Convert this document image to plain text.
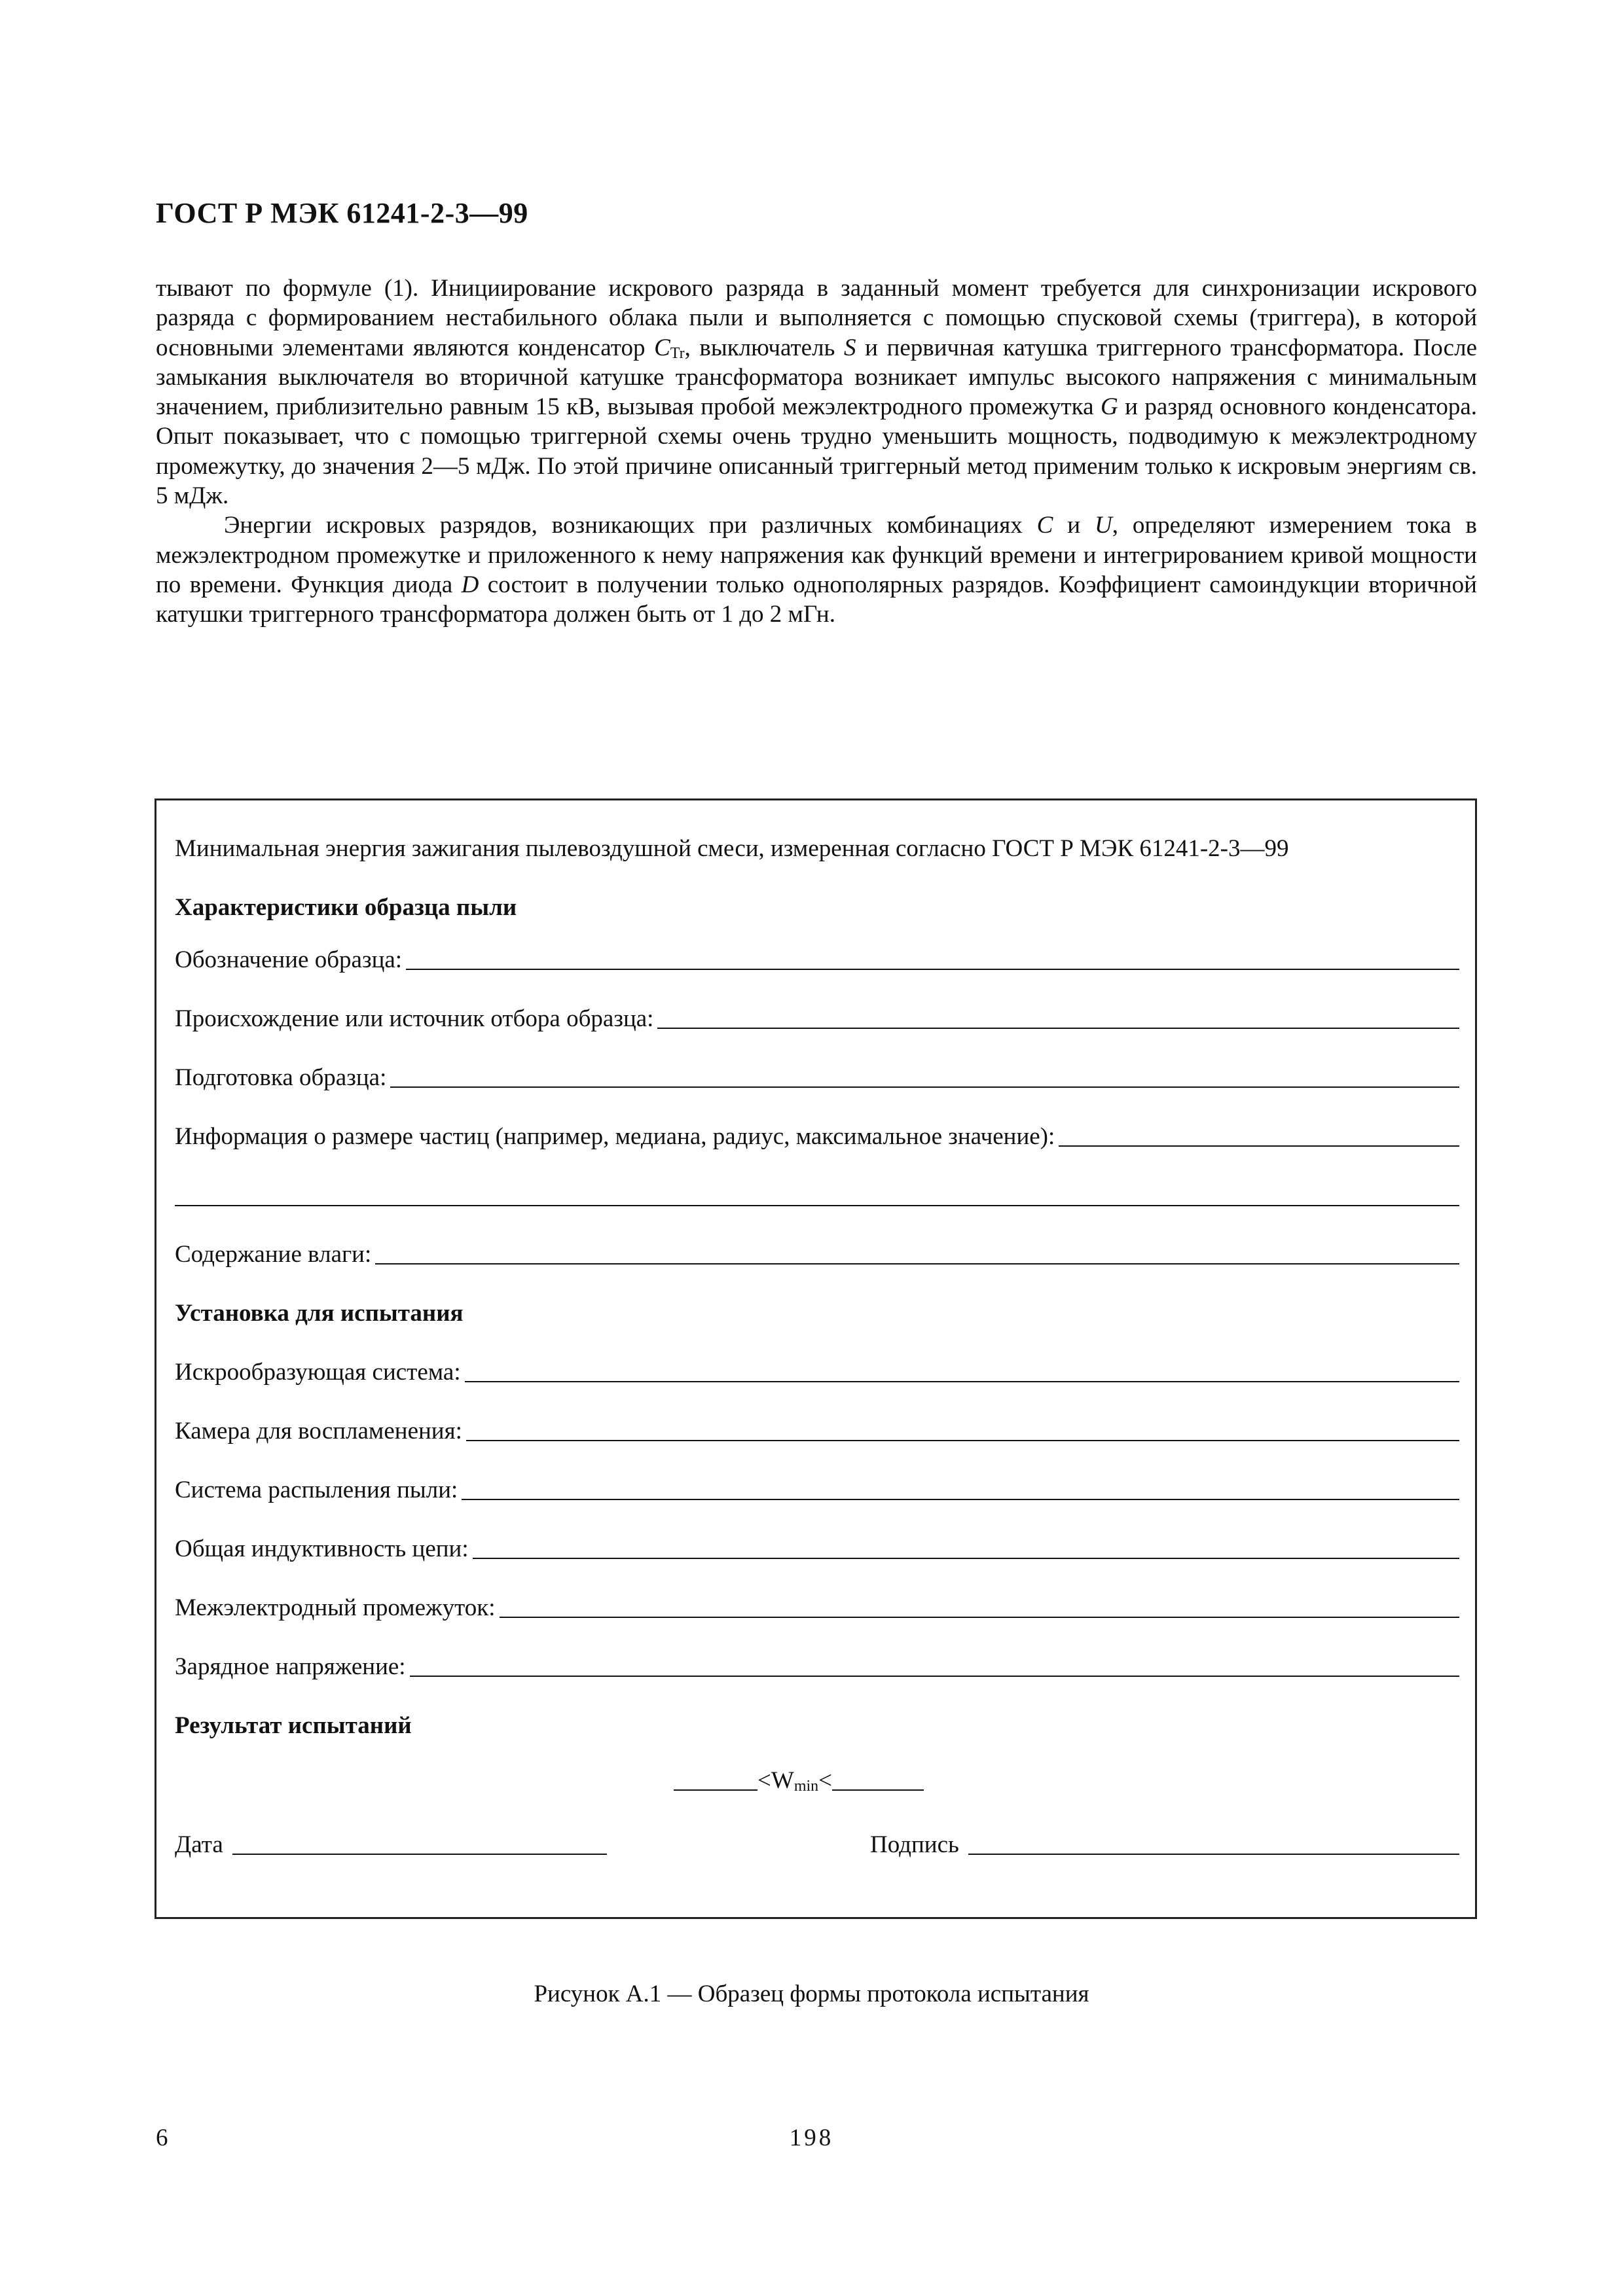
ГОСТ Р МЭК 61241-2-3—99

тывают по формуле (1). Инициирование искрового разряда в заданный момент требуется для синхронизации искрового разряда с формированием нестабильного облака пыли и выполняется с помощью спусковой схемы (триггера), в которой основными элементами являются конденсатор $C_{Tr}$, выключатель S и первичная катушка триггерного трансформатора. После замыкания выключателя во вторичной катушке трансформатора возникает импульс высокого напряжения с минимальным значением, приблизительно равным 15 кВ, вызывая пробой межэлектродного промежутка G и разряд основного конденсатора. Опыт показывает, что с помощью триггерной схемы очень трудно уменьшить мощность, подводимую к межэлектродному промежутку, до значения 2—5 мДж. По этой причине описанный триггерный метод применим только к искровым энергиям св. 5 мДж.

Энергии искровых разрядов, возникающих при различных комбинациях C и U, определяют измерением тока в межэлектродном промежутке и приложенного к нему напряжения как функций времени и интегрированием кривой мощности по времени. Функция диода D состоит в получении только однополярных разрядов. Коэффициент самоиндукции вторичной катушки триггерного трансформатора должен быть от 1 до 2 мГн.

Минимальная энергия зажигания пылевоздушной смеси, измеренная согласно ГОСТ Р МЭК 61241-2-3—99
Характеристики образца пыли
Обозначение образца:
Происхождение или источник отбора образца:
Подготовка образца:
Информация о размере частиц (например, медиана, радиус, максимальное значение):
Содержание влаги:
Установка для испытания
Искрообразующая система:
Камера для воспламенения:
Система распыления пыли:
Общая индуктивность цепи:
Межэлектродный промежуток:
Зарядное напряжение:
Результат испытаний
< $W_{min}$ <
Дата	Подпись
Рисунок А.1 — Образец формы протокола испытания
6	198
